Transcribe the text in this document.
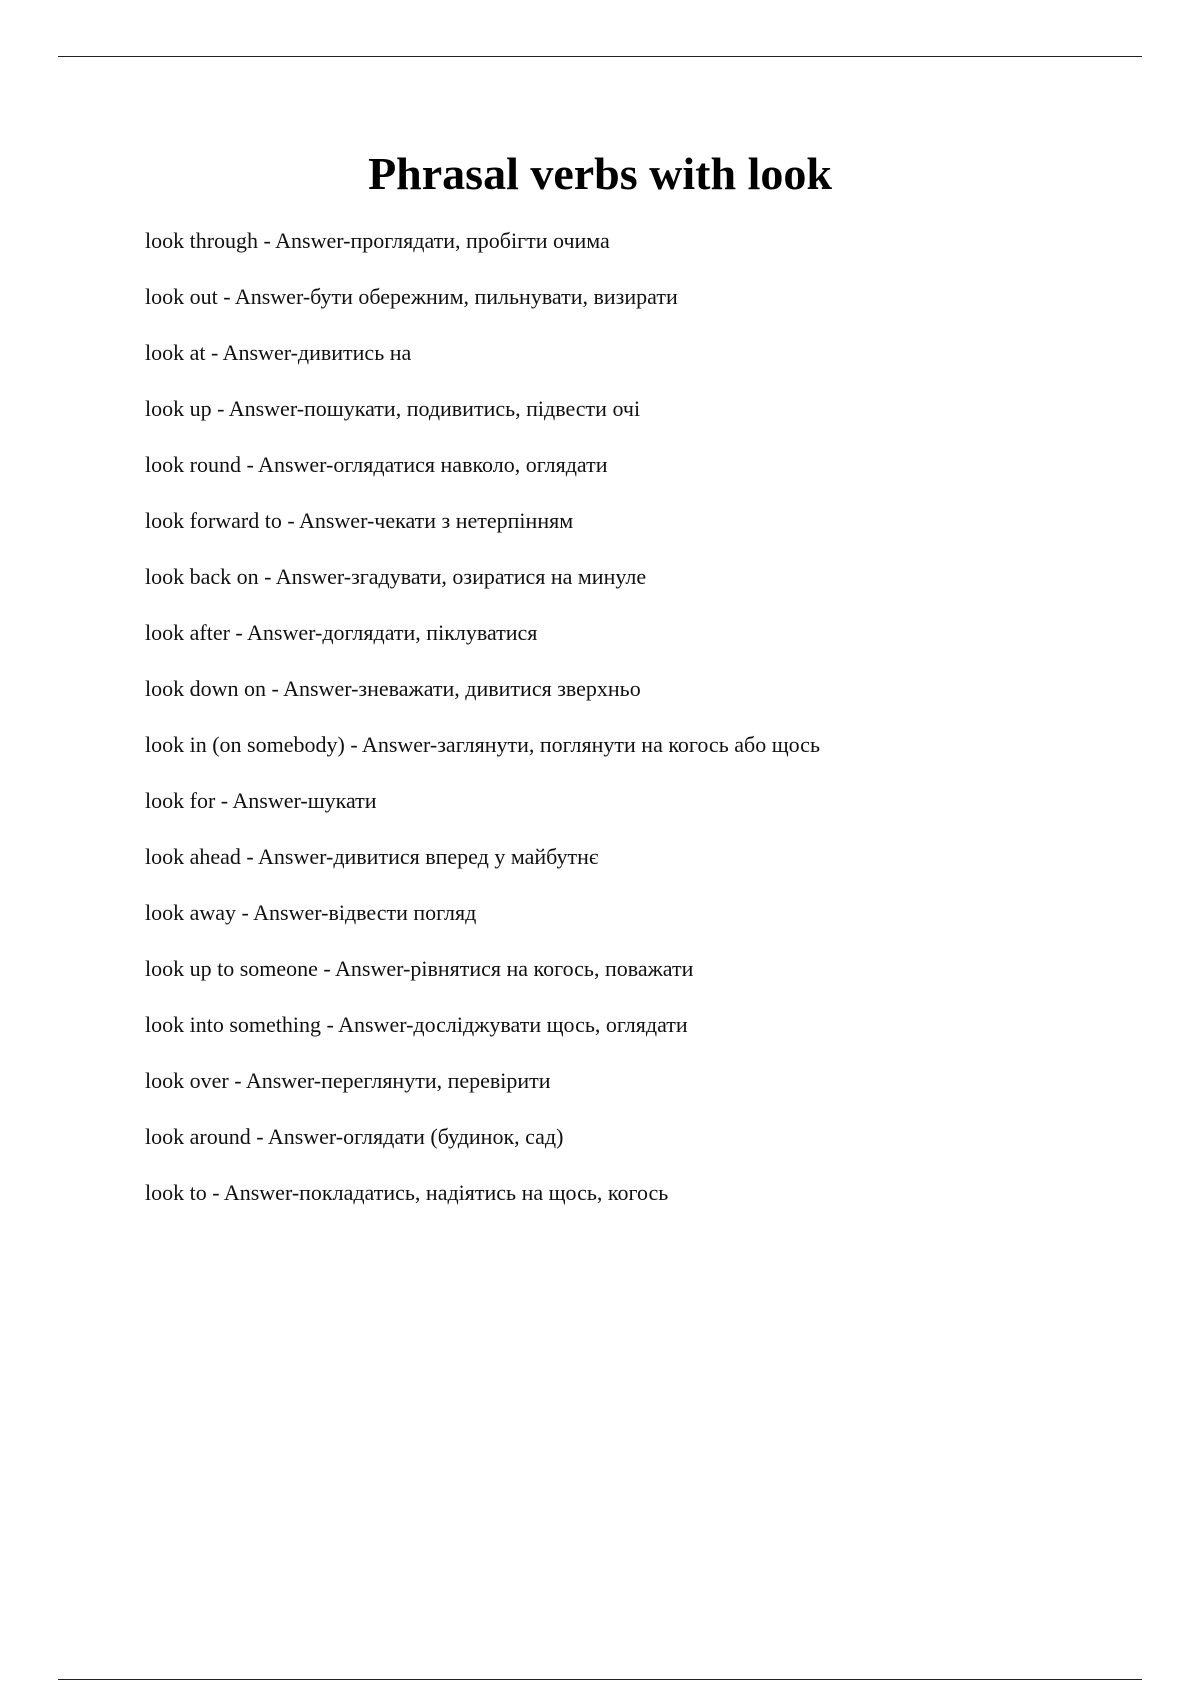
Phrasal verbs with look
look through - Answer-проглядати, пробігти очима
look out - Answer-бути обережним, пильнувати, визирати
look at - Answer-дивитись на
look up - Answer-пошукати, подивитись, підвести очі
look round - Answer-оглядатися навколо, оглядати
look forward to - Answer-чекати з нетерпінням
look back on - Answer-згадувати, озиратися на минуле
look after - Answer-доглядати, піклуватися
look down on - Answer-зневажати, дивитися зверхньо
look in (on somebody) - Answer-заглянути, поглянути на когось або щось
look for - Answer-шукати
look ahead - Answer-дивитися вперед у майбутнє
look away - Answer-відвести погляд
look up to someone - Answer-рівнятися на когось, поважати
look into something - Answer-досліджувати щось, оглядати
look over - Answer-переглянути, перевірити
look around - Answer-оглядати (будинок, сад)
look to - Answer-покладатись, надіятись на щось, когось
